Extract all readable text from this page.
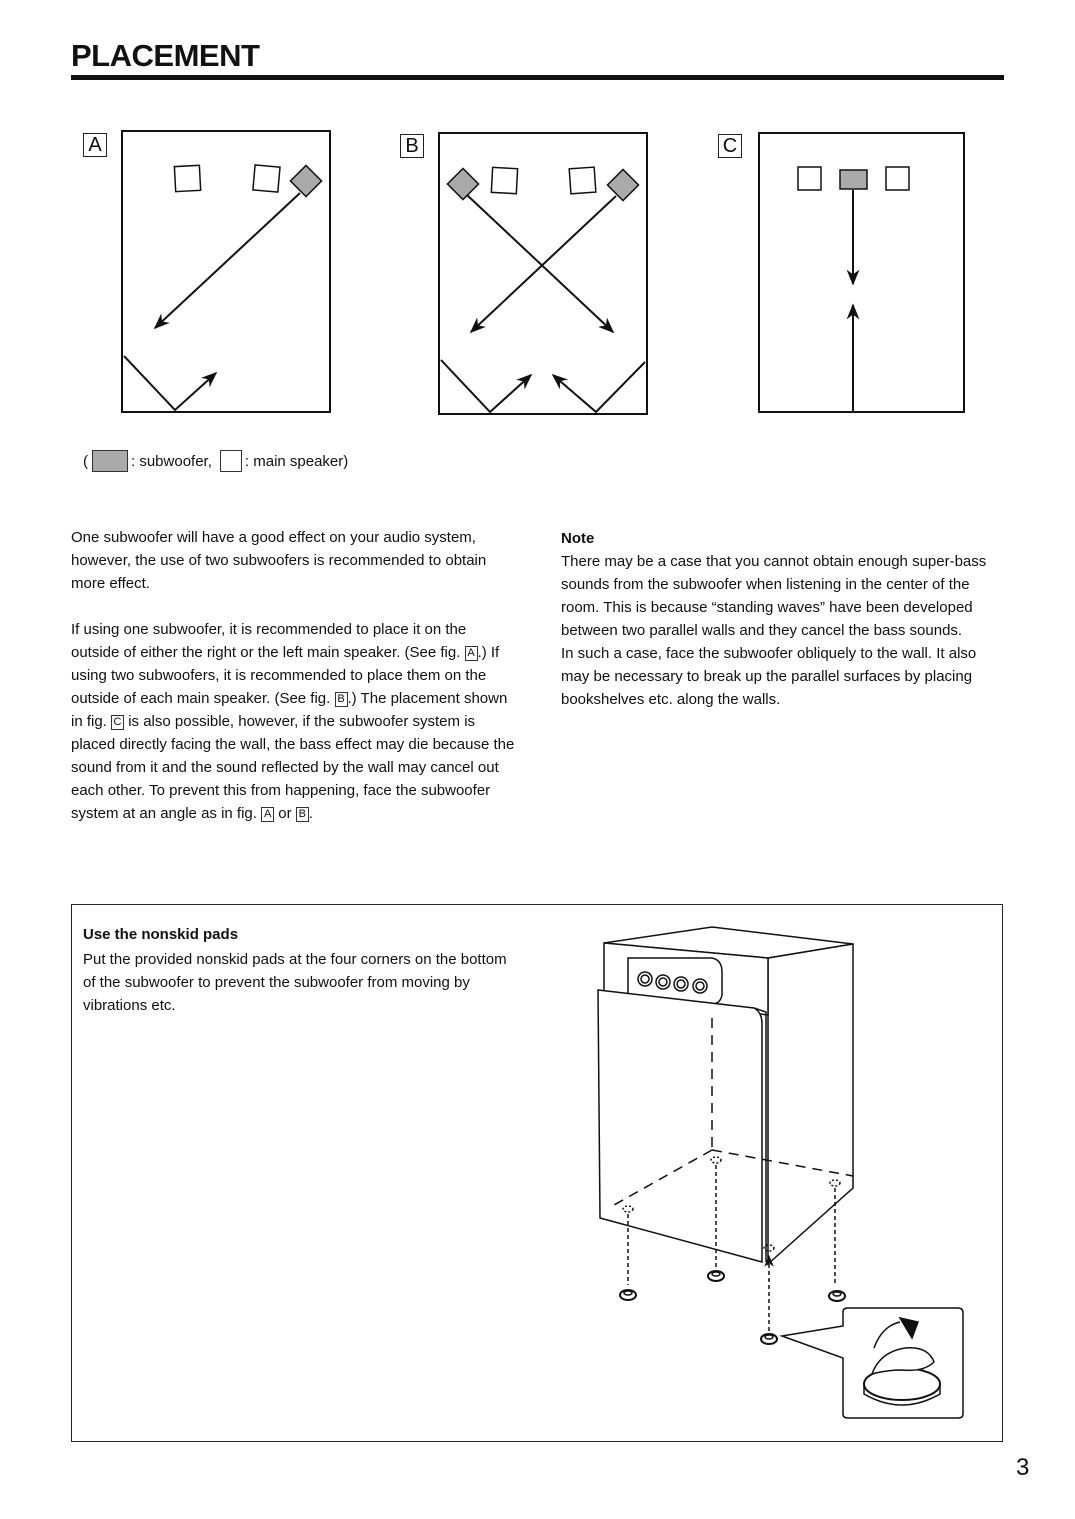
PLACEMENT
A	B	C
(	: subwoofer, : main speaker)
One subwoofer will have a good effect on your audio system, however, the use of two subwoofers is recommended to obtain more effect.
If using one subwoofer, it is recommended to place it on the outside of either the right or the left main speaker. (See fig. A .) If using two subwoofers, it is recommended to place them on the outside of each main speaker. (See fig. B .) The placement shown in fig. C is also possible, however, if the subwoofer system is placed directly facing the wall, the bass effect may die because the sound from it and the sound reflected by the wall may cancel out each other. To prevent this from happening, face the subwoofer system at an angle as in fig. A or B .
Note
There may be a case that you cannot obtain enough super-bass sounds from the subwoofer when listening in the center of the room. This is because “standing waves” have been developed between two parallel walls and they cancel the bass sounds.
In such a case, face the subwoofer obliquely to the wall. It also may be necessary to break up the parallel surfaces by placing bookshelves etc. along the walls.
Use the nonskid pads
Put the provided nonskid pads at the four corners on the bottom of the subwoofer to prevent the subwoofer from moving by vibrations etc.
3
